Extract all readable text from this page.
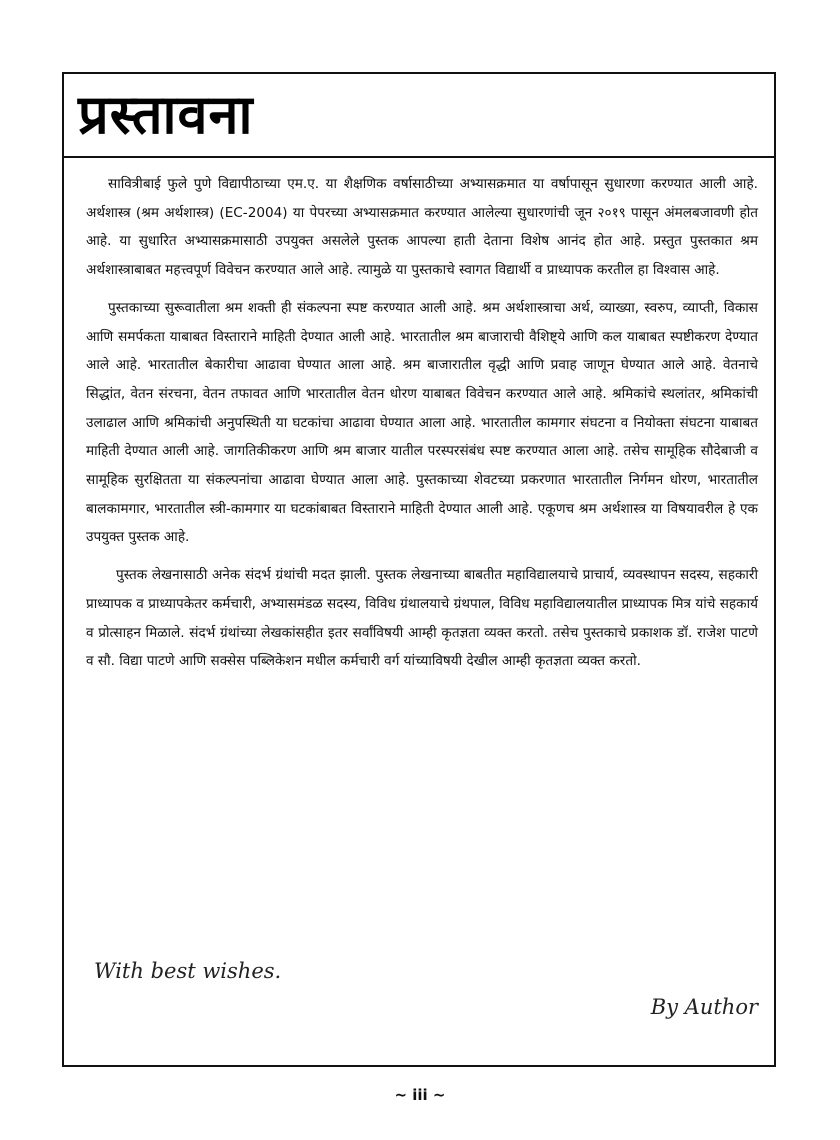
प्रस्तावना

सावित्रीबाई फुले पुणे विद्यापीठाच्या एम.ए. या शैक्षणिक वर्षासाठीच्या अभ्यासक्रमात या वर्षापासून सुधारणा करण्यात आली आहे. अर्थशास्त्र (श्रम अर्थशास्त्र) (EC-2004) या पेपरच्या अभ्यासक्रमात करण्यात आलेल्या सुधारणांची जून २०१९ पासून अंमलबजावणी होत आहे. या सुधारित अभ्यासक्रमासाठी उपयुक्त असलेले पुस्तक आपल्या हाती देताना विशेष आनंद होत आहे. प्रस्तुत पुस्तकात श्रम अर्थशास्त्राबाबत महत्त्वपूर्ण विवेचन करण्यात आले आहे. त्यामुळे या पुस्तकाचे स्वागत विद्यार्थी व प्राध्यापक करतील हा विश्वास आहे.

पुस्तकाच्या सुरूवातीला श्रम शक्ती ही संकल्पना स्पष्ट करण्यात आली आहे. श्रम अर्थशास्त्राचा अर्थ, व्याख्या, स्वरुप, व्याप्ती, विकास आणि समर्पकता याबाबत विस्ताराने माहिती देण्यात आली आहे. भारतातील श्रम बाजाराची वैशिष्ट्ये आणि कल याबाबत स्पष्टीकरण देण्यात आले आहे. भारतातील बेकारीचा आढावा घेण्यात आला आहे. श्रम बाजारातील वृद्धी आणि प्रवाह जाणून घेण्यात आले आहे. वेतनाचे सिद्धांत, वेतन संरचना, वेतन तफावत आणि भारतातील वेतन धोरण याबाबत विवेचन करण्यात आले आहे. श्रमिकांचे स्थलांतर, श्रमिकांची उलाढाल आणि श्रमिकांची अनुपस्थिती या घटकांचा आढावा घेण्यात आला आहे. भारतातील कामगार संघटना व नियोक्ता संघटना याबाबत माहिती देण्यात आली आहे. जागतिकीकरण आणि श्रम बाजार यातील परस्परसंबंध स्पष्ट करण्यात आला आहे. तसेच सामूहिक सौदेबाजी व सामूहिक सुरक्षितता या संकल्पनांचा आढावा घेण्यात आला आहे. पुस्तकाच्या शेवटच्या प्रकरणात भारतातील निर्गमन धोरण, भारतातील बालकामगार, भारतातील स्त्री-कामगार या घटकांबाबत विस्ताराने माहिती देण्यात आली आहे. एकूणच श्रम अर्थशास्त्र या विषयावरील हे एक उपयुक्त पुस्तक आहे.

पुस्तक लेखनासाठी अनेक संदर्भ ग्रंथांची मदत झाली. पुस्तक लेखनाच्या बाबतीत महाविद्यालयाचे प्राचार्य, व्यवस्थापन सदस्य, सहकारी प्राध्यापक व प्राध्यापकेतर कर्मचारी, अभ्यासमंडळ सदस्य, विविध ग्रंथालयाचे ग्रंथपाल, विविध महाविद्यालयातील प्राध्यापक मित्र यांचे सहकार्य व प्रोत्साहन मिळाले. संदर्भ ग्रंथांच्या लेखकांसहीत इतर सर्वांविषयी आम्ही कृतज्ञता व्यक्त करतो. तसेच पुस्तकाचे प्रकाशक डॉ. राजेश पाटणे व सौ. विद्या पाटणे आणि सक्सेस पब्लिकेशन मधील कर्मचारी वर्ग यांच्याविषयी देखील आम्ही कृतज्ञता व्यक्त करतो.

With best wishes.

By Author

~ iii ~
